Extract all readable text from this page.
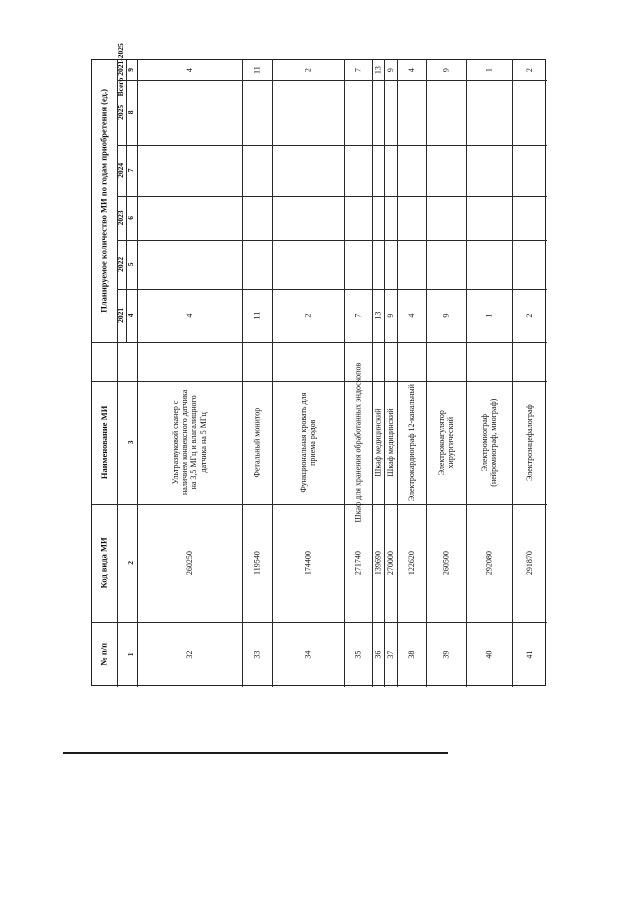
№ п/п
Код вида МИ
Наименование МИ
Планируемое количество МИ по годам приобретения (ед.)
2021
2022
2023
2024
2025
Всего 2021-2025
1
2
3
4
5
6
7
8
9
32
260250
Ультразвуковой сканер с наличием конвексного датчика на 3,5 МГц и влагалищного датчика на 5 МГц
4
4
33
119540
Фетальный монитор
11
11
34
174400
Функциональная кровать для приема родов
2
2
35
271740
Шкаф для хранения обработанных эндоскопов
7
7
36
139690
Шкаф медицинский
13
13
37
270000
Шкаф медицинский
9
9
38
122620
Электрокардиограф 12-канальный
4
4
39
260500
Электрокоагулятор хирургический
9
9
40
292080
Электромиограф (нейромиограф, миограф)
1
1
41
291870
Электроэнцефалограф
2
2
